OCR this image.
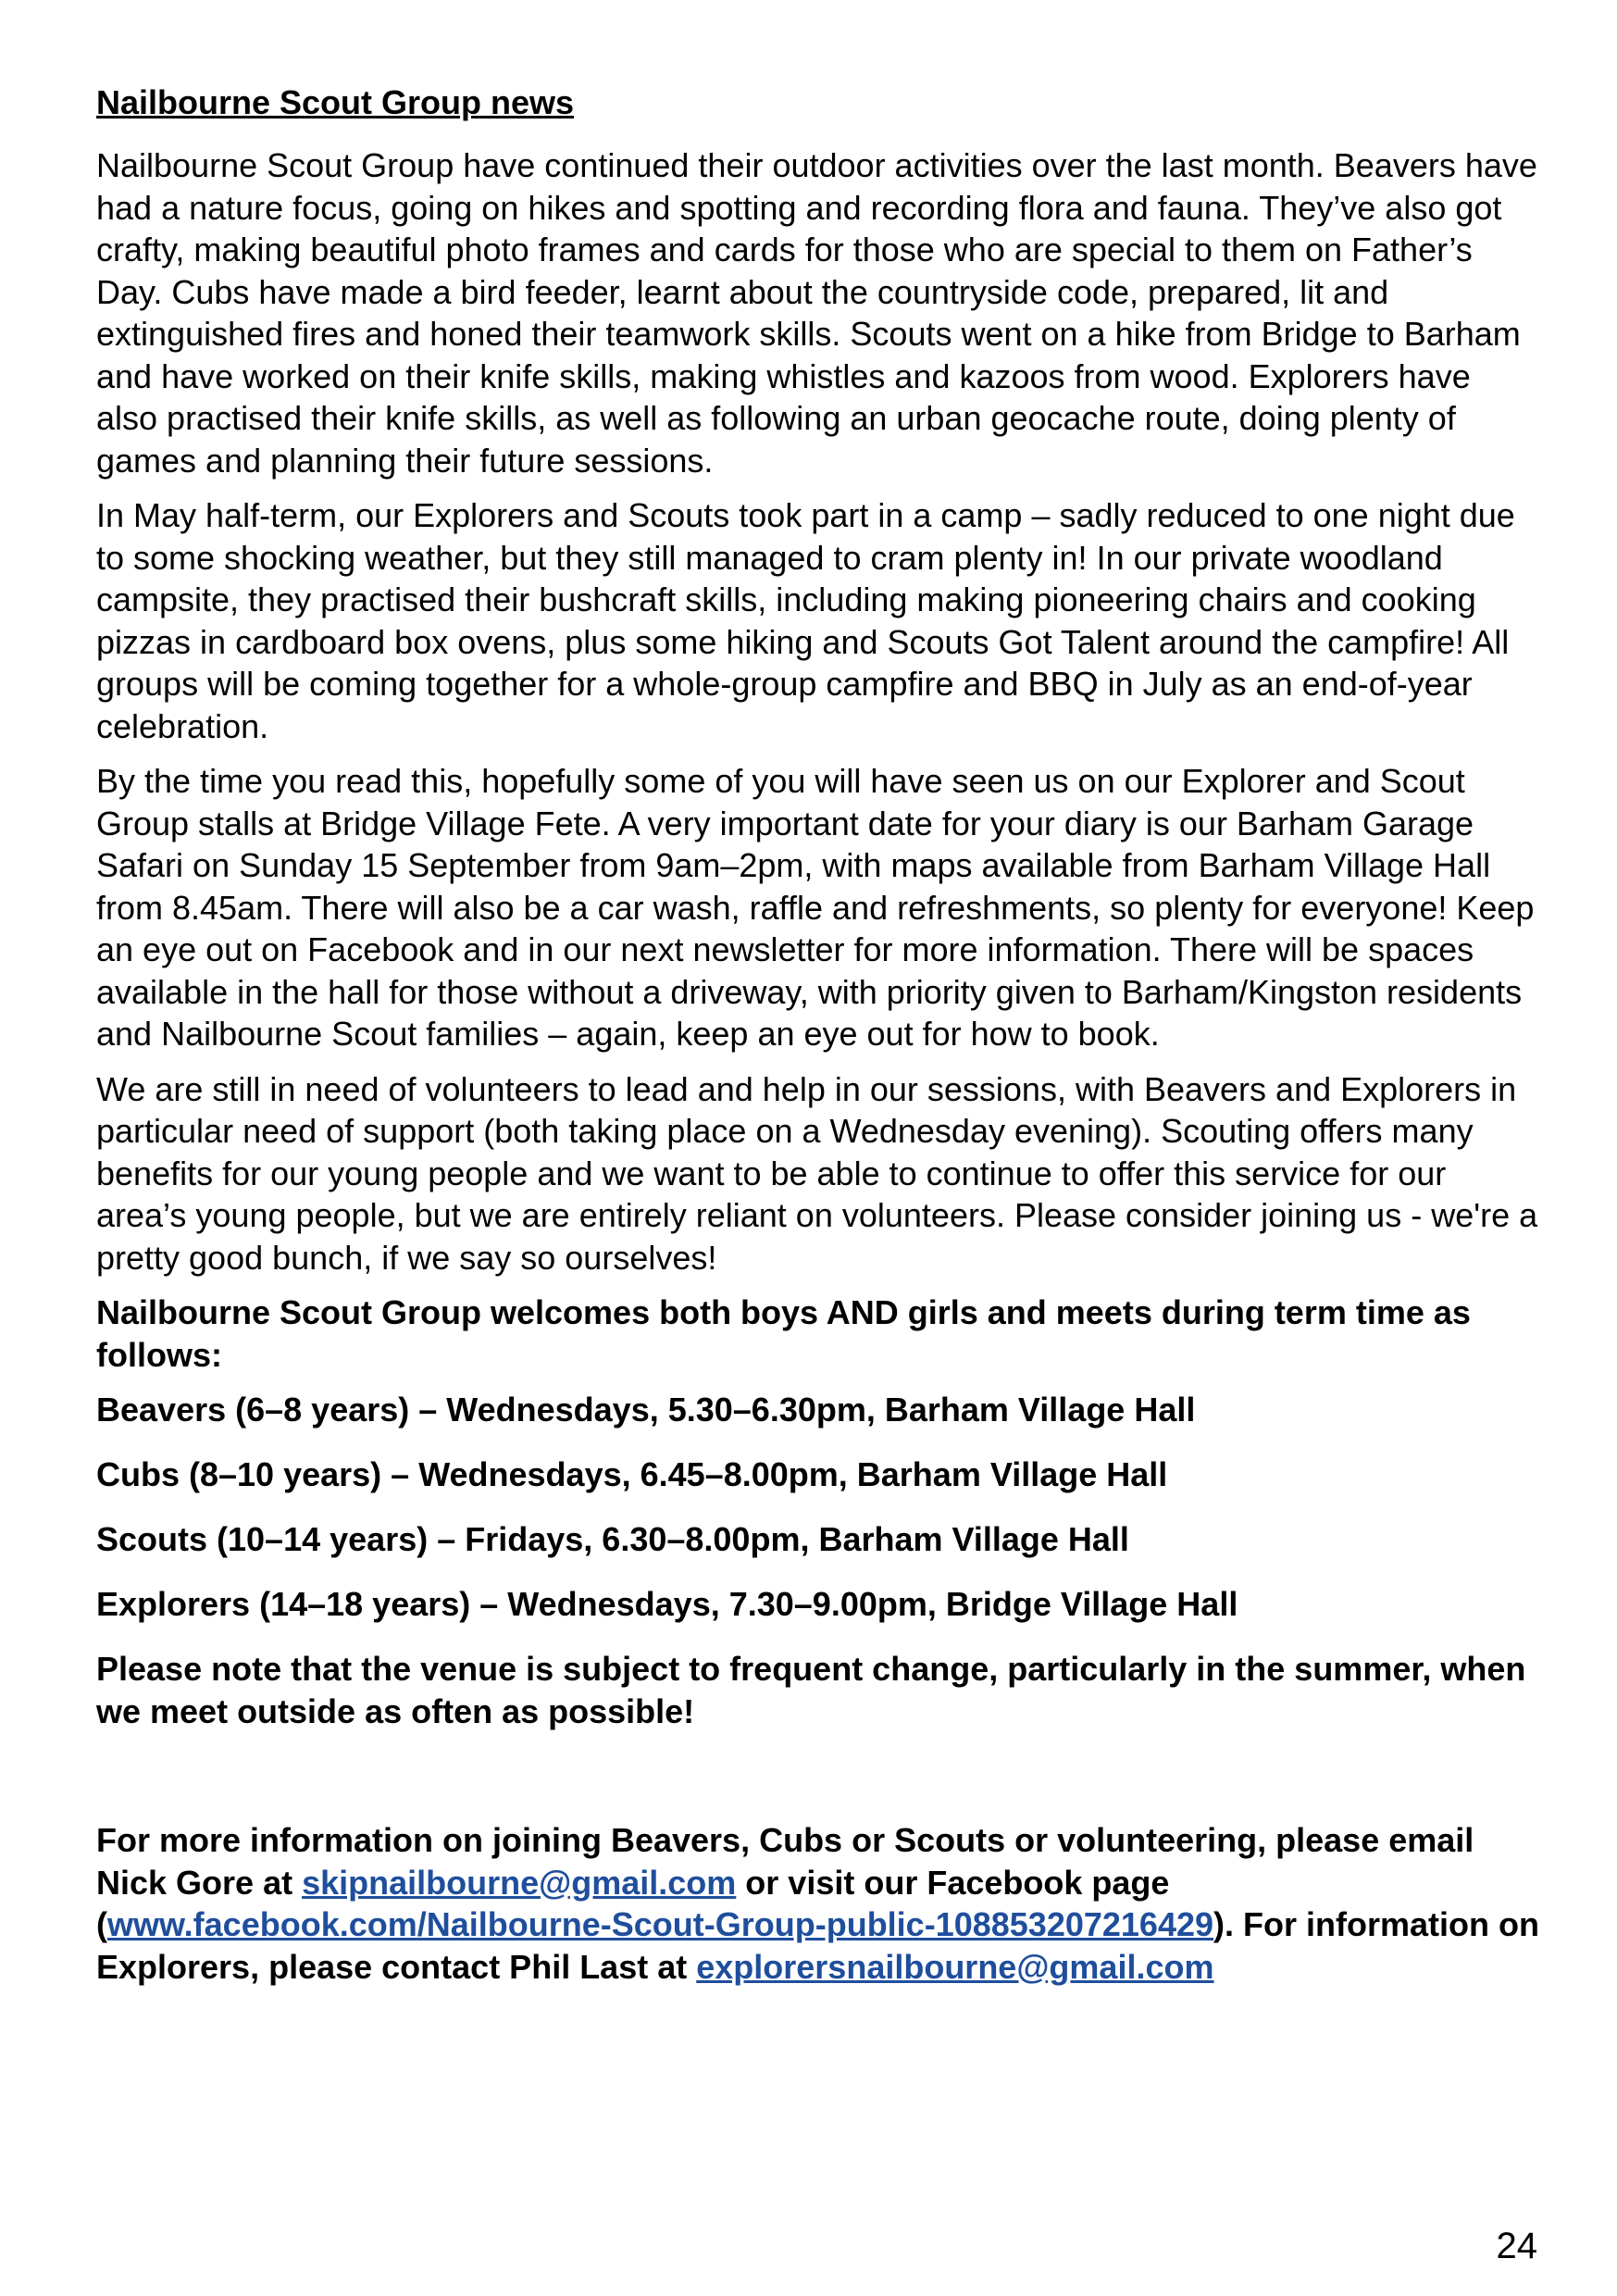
Nailbourne Scout Group news

Nailbourne Scout Group have continued their outdoor activities over the last month. Beavers have had a nature focus, going on hikes and spotting and recording flora and fauna. They’ve also got crafty, making beautiful photo frames and cards for those who are special to them on Father’s Day. Cubs have made a bird feeder, learnt about the countryside code, prepared, lit and extinguished fires and honed their teamwork skills. Scouts went on a hike from Bridge to Barham and have worked on their knife skills, making whistles and kazoos from wood. Explorers have also practised their knife skills, as well as following an urban geocache route, doing plenty of games and planning their future sessions.

In May half-term, our Explorers and Scouts took part in a camp – sadly reduced to one night due to some shocking weather, but they still managed to cram plenty in! In our private woodland campsite, they practised their bushcraft skills, including making pioneering chairs and cooking pizzas in cardboard box ovens, plus some hiking and Scouts Got Talent around the campfire! All groups will be coming together for a whole-group campfire and BBQ in July as an end-of-year celebration.

By the time you read this, hopefully some of you will have seen us on our Explorer and Scout Group stalls at Bridge Village Fete. A very important date for your diary is our Barham Garage Safari on Sunday 15 September from 9am–2pm, with maps available from Barham Village Hall from 8.45am. There will also be a car wash, raffle and refreshments, so plenty for everyone! Keep an eye out on Facebook and in our next newsletter for more information. There will be spaces available in the hall for those without a driveway, with priority given to Barham/Kingston residents and Nailbourne Scout families – again, keep an eye out for how to book.

We are still in need of volunteers to lead and help in our sessions, with Beavers and Explorers in particular need of support (both taking place on a Wednesday evening). Scouting offers many benefits for our young people and we want to be able to continue to offer this service for our area’s young people, but we are entirely reliant on volunteers. Please consider joining us - we're a pretty good bunch, if we say so ourselves!

Nailbourne Scout Group welcomes both boys AND girls and meets during term time as follows:

Beavers (6–8 years) – Wednesdays, 5.30–6.30pm, Barham Village Hall
Cubs (8–10 years) – Wednesdays, 6.45–8.00pm, Barham Village Hall
Scouts (10–14 years) – Fridays, 6.30–8.00pm, Barham Village Hall
Explorers (14–18 years) – Wednesdays, 7.30–9.00pm, Bridge Village Hall

Please note that the venue is subject to frequent change, particularly in the summer, when we meet outside as often as possible!

For more information on joining Beavers, Cubs or Scouts or volunteering, please email Nick Gore at skipnailbourne@gmail.com or visit our Facebook page (www.facebook.com/Nailbourne-Scout-Group-public-108853207216429). For information on Explorers, please contact Phil Last at explorersnailbourne@gmail.com

24
